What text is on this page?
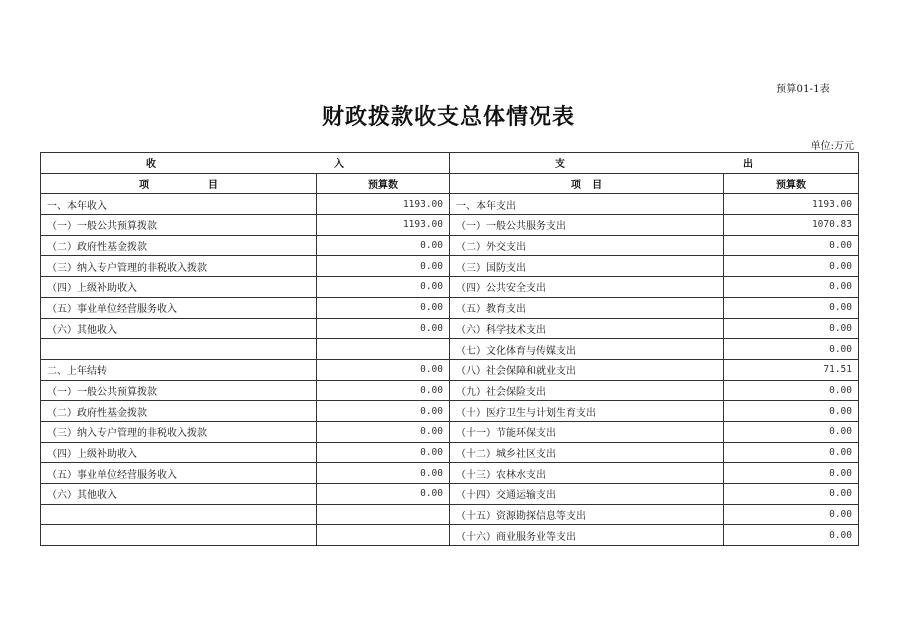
预算01-1表
财政拨款收支总体情况表
单位:万元
收 入		支 出	

项 目	预算数	项 目	预算数
一、本年收入	1193.00	一、本年支出	1193.00
（一）一般公共预算拨款	1193.00	（一）一般公共服务支出	1070.83
（二）政府性基金拨款	0.00	（二）外交支出	0.00
（三）纳入专户管理的非税收入拨款	0.00	（三）国防支出	0.00
（四）上级补助收入	0.00	（四）公共安全支出	0.00
（五）事业单位经营服务收入	0.00	（五）教育支出	0.00
（六）其他收入	0.00	（六）科学技术支出	0.00
		（七）文化体育与传媒支出	0.00
二、上年结转	0.00	（八）社会保障和就业支出	71.51
（一）一般公共预算拨款	0.00	（九）社会保险支出	0.00
（二）政府性基金拨款	0.00	（十）医疗卫生与计划生育支出	0.00
（三）纳入专户管理的非税收入拨款	0.00	（十一）节能环保支出	0.00
（四）上级补助收入	0.00	（十二）城乡社区支出	0.00
（五）事业单位经营服务收入	0.00	（十三）农林水支出	0.00
（六）其他收入	0.00	（十四）交通运输支出	0.00
		（十五）资源勘探信息等支出	0.00
		（十六）商业服务业等支出	0.00
